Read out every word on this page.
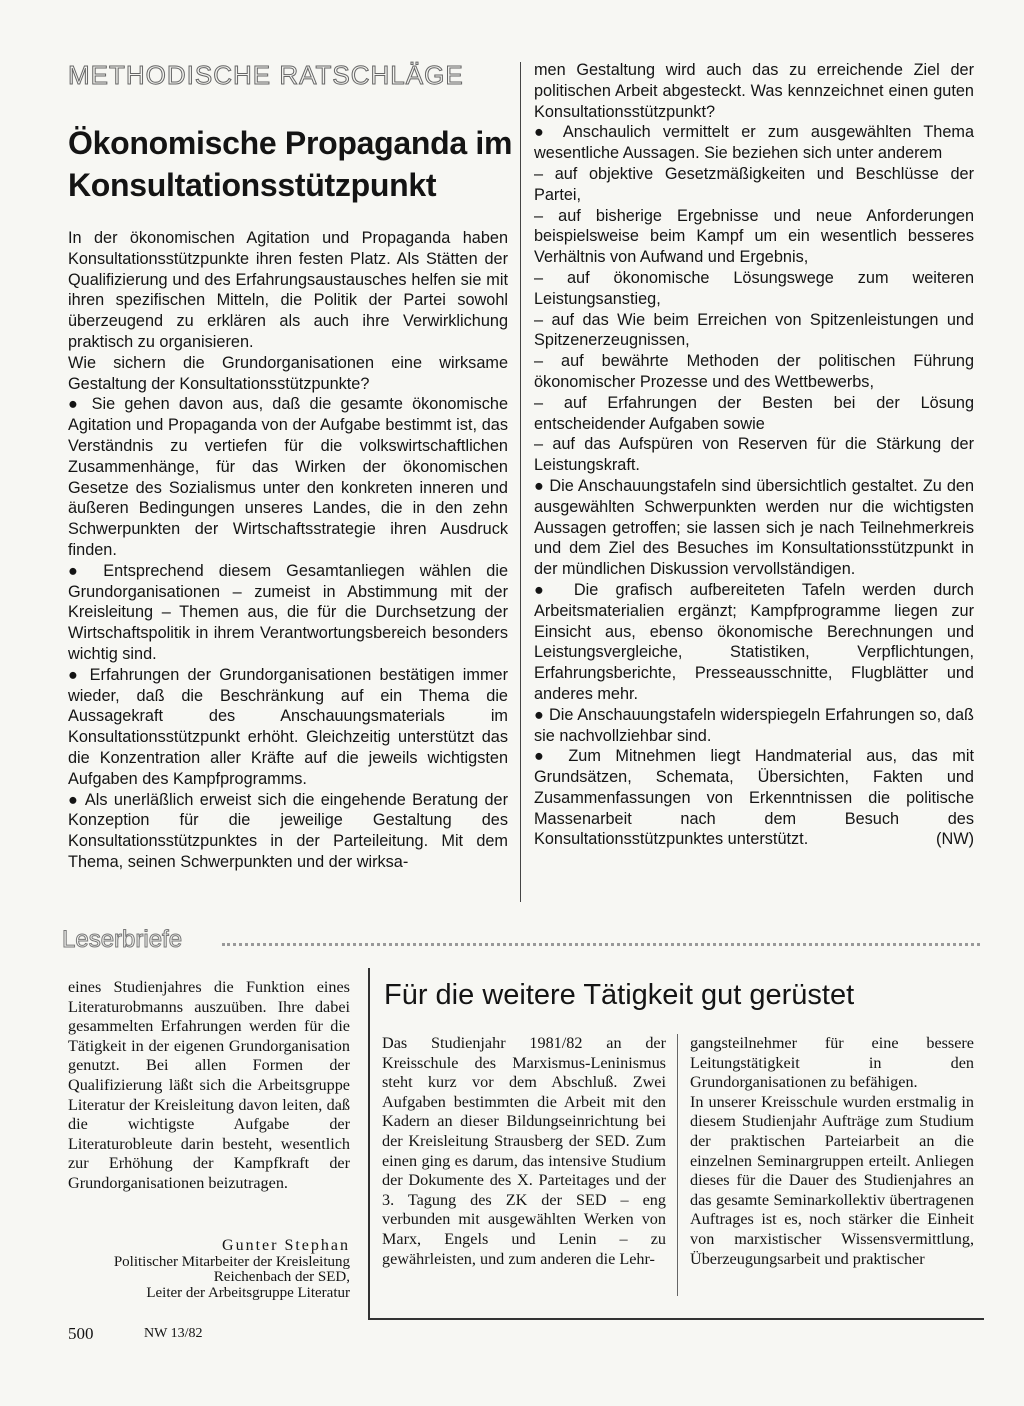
METHODISCHE RATSCHLÄGE
Ökonomische Propaganda im Konsultationsstützpunkt

In der ökonomischen Agitation und Propaganda haben Konsultationsstützpunkte ihren festen Platz. Als Stätten der Qualifizierung und des Erfahrungsaustausches helfen sie mit ihren spezifischen Mitteln, die Politik der Partei sowohl überzeugend zu erklären als auch ihre Verwirklichung praktisch zu organisieren.

Wie sichern die Grundorganisationen eine wirksame Gestaltung der Konsultationsstützpunkte?

● Sie gehen davon aus, daß die gesamte ökonomische Agitation und Propaganda von der Aufgabe bestimmt ist, das Verständnis zu vertiefen für die volkswirtschaftlichen Zusammenhänge, für das Wirken der ökonomischen Gesetze des Sozialismus unter den konkreten inneren und äußeren Bedingungen unseres Landes, die in den zehn Schwerpunkten der Wirtschaftsstrategie ihren Ausdruck finden.

● Entsprechend diesem Gesamtanliegen wählen die Grundorganisationen – zumeist in Abstimmung mit der Kreisleitung – Themen aus, die für die Durchsetzung der Wirtschaftspolitik in ihrem Verantwortungsbereich besonders wichtig sind.

● Erfahrungen der Grundorganisationen bestätigen immer wieder, daß die Beschränkung auf ein Thema die Aussagekraft des Anschauungsmaterials im Konsultationsstützpunkt erhöht. Gleichzeitig unterstützt das die Konzentration aller Kräfte auf die jeweils wichtigsten Aufgaben des Kampfprogramms.

● Als unerläßlich erweist sich die eingehende Beratung der Konzeption für die jeweilige Gestaltung des Konsultationsstützpunktes in der Parteileitung. Mit dem Thema, seinen Schwerpunkten und der wirksa-

men Gestaltung wird auch das zu erreichende Ziel der politischen Arbeit abgesteckt. Was kennzeichnet einen guten Konsultationsstützpunkt?

● Anschaulich vermittelt er zum ausgewählten Thema wesentliche Aussagen. Sie beziehen sich unter anderem

– auf objektive Gesetzmäßigkeiten und Beschlüsse der Partei,

– auf bisherige Ergebnisse und neue Anforderungen beispielsweise beim Kampf um ein wesentlich besseres Verhältnis von Aufwand und Ergebnis,

– auf ökonomische Lösungswege zum weiteren Leistungsanstieg,

– auf das Wie beim Erreichen von Spitzenleistungen und Spitzenerzeugnissen,

– auf bewährte Methoden der politischen Führung ökonomischer Prozesse und des Wettbewerbs,

– auf Erfahrungen der Besten bei der Lösung entscheidender Aufgaben sowie

– auf das Aufspüren von Reserven für die Stärkung der Leistungskraft.

● Die Anschauungstafeln sind übersichtlich gestaltet. Zu den ausgewählten Schwerpunkten werden nur die wichtigsten Aussagen getroffen; sie lassen sich je nach Teilnehmerkreis und dem Ziel des Besuches im Konsultationsstützpunkt in der mündlichen Diskussion vervollständigen.

● Die grafisch aufbereiteten Tafeln werden durch Arbeitsmaterialien ergänzt; Kampfprogramme liegen zur Einsicht aus, ebenso ökonomische Berechnungen und Leistungsvergleiche, Statistiken, Verpflichtungen, Erfahrungsberichte, Presseausschnitte, Flugblätter und anderes mehr.

● Die Anschauungstafeln widerspiegeln Erfahrungen so, daß sie nachvollziehbar sind.

● Zum Mitnehmen liegt Handmaterial aus, das mit Grundsätzen, Schemata, Übersichten, Fakten und Zusammenfassungen von Erkenntnissen die politische Massenarbeit nach dem Besuch des Konsultationsstützpunktes unterstützt.	(NW)

Leserbriefe

eines Studienjahres die Funktion eines Literaturobmanns auszuüben. Ihre dabei gesammelten Erfahrungen werden für die Tätigkeit in der eigenen Grundorganisation genutzt. Bei allen Formen der Qualifizierung läßt sich die Arbeitsgruppe Literatur der Kreisleitung davon leiten, daß die wichtigste Aufgabe der Literaturobleute darin besteht, wesentlich zur Erhöhung der Kampfkraft der Grundorganisationen beizutragen.

Gunter Stephan
Politischer Mitarbeiter der Kreisleitung
Reichenbach der SED,
Leiter der Arbeitsgruppe Literatur
Für die weitere Tätigkeit gut gerüstet

Das Studienjahr 1981/82 an der Kreisschule des Marxismus-Leninismus steht kurz vor dem Abschluß. Zwei Aufgaben bestimmten die Arbeit mit den Kadern an dieser Bildungseinrichtung bei der Kreisleitung Strausberg der SED. Zum einen ging es darum, das intensive Studium der Dokumente des X. Parteitages und der 3. Tagung des ZK der SED – eng verbunden mit ausgewählten Werken von Marx, Engels und Lenin – zu gewährleisten, und zum anderen die Lehr-

gangsteilnehmer für eine bessere Leitungstätigkeit in den Grundorganisationen zu befähigen.

In unserer Kreisschule wurden erstmalig in diesem Studienjahr Aufträge zum Studium der praktischen Parteiarbeit an die einzelnen Seminargruppen erteilt. Anliegen dieses für die Dauer des Studienjahres an das gesamte Seminarkollektiv übertragenen Auftrages ist es, noch stärker die Einheit von marxistischer Wissensvermittlung, Überzeugungsarbeit und praktischer

500	NW 13/82
